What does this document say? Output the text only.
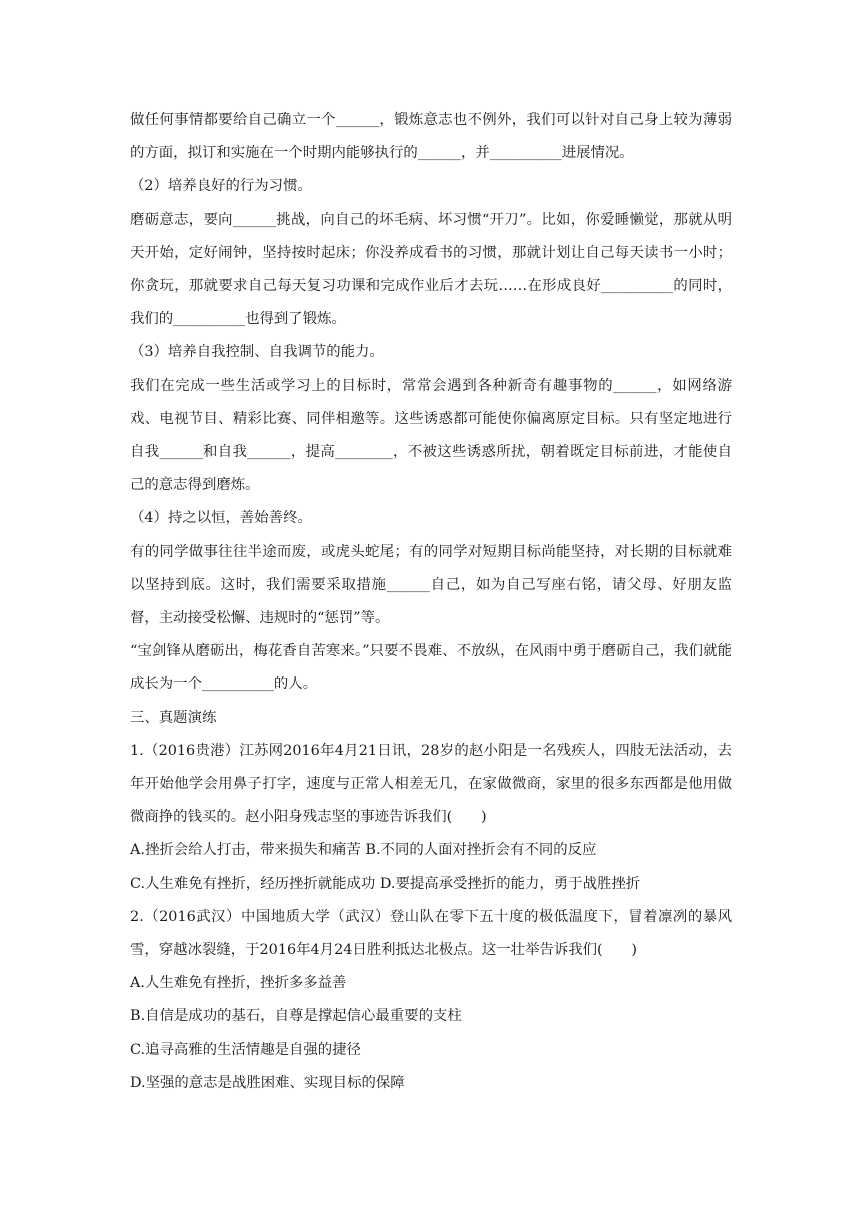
做任何事情都要给自己确立一个______，锻炼意志也不例外，我们可以针对自己身上较为薄弱的方面，拟订和实施在一个时期内能够执行的______，并__________进展情况。

（2）培养良好的行为习惯。

磨砺意志，要向______挑战，向自己的坏毛病、坏习惯“开刀”。比如，你爱睡懒觉，那就从明天开始，定好闹钟，坚持按时起床；你没养成看书的习惯，那就计划让自己每天读书一小时；你贪玩，那就要求自己每天复习功课和完成作业后才去玩……在形成良好__________的同时，我们的__________也得到了锻炼。

（3）培养自我控制、自我调节的能力。

我们在完成一些生活或学习上的目标时，常常会遇到各种新奇有趣事物的______，如网络游戏、电视节目、精彩比赛、同伴相邀等。这些诱惑都可能使你偏离原定目标。只有坚定地进行自我______和自我______，提高________，不被这些诱惑所扰，朝着既定目标前进，才能使自己的意志得到磨炼。

（4）持之以恒，善始善终。

有的同学做事往往半途而废，或虎头蛇尾；有的同学对短期目标尚能坚持，对长期的目标就难以坚持到底。这时，我们需要采取措施______自己，如为自己写座右铭，请父母、好朋友监督，主动接受松懈、违规时的“惩罚”等。

“宝剑锋从磨砺出，梅花香自苦寒来。”只要不畏难、不放纵，在风雨中勇于磨砺自己，我们就能成长为一个__________的人。

三、真题演练

1.（2016贵港）江苏网2016年4月21日讯，28岁的赵小阳是一名残疾人，四肢无法活动，去年开始他学会用鼻子打字，速度与正常人相差无几，在家做微商，家里的很多东西都是他用做微商挣的钱买的。赵小阳身残志坚的事迹告诉我们(　　)

A.挫折会给人打击，带来损失和痛苦 B.不同的人面对挫折会有不同的反应

C.人生难免有挫折，经历挫折就能成功 D.要提高承受挫折的能力，勇于战胜挫折

2.（2016武汉）中国地质大学（武汉）登山队在零下五十度的极低温度下，冒着凛冽的暴风雪，穿越冰裂缝，于2016年4月24日胜利抵达北极点。这一壮举告诉我们(　　)

A.人生难免有挫折，挫折多多益善

B.自信是成功的基石，自尊是撑起信心最重要的支柱

C.追寻高雅的生活情趣是自强的捷径

D.坚强的意志是战胜困难、实现目标的保障
